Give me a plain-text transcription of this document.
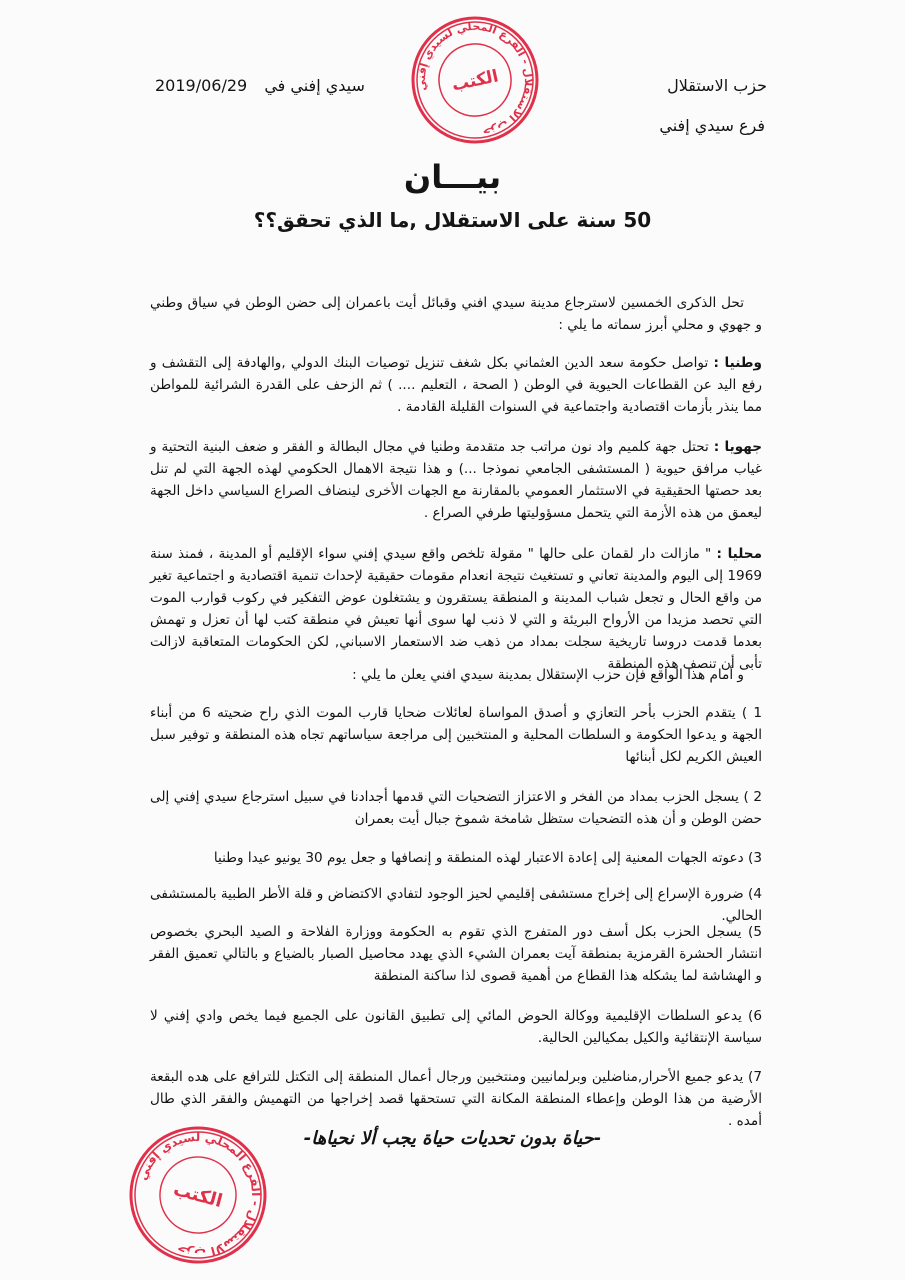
حزب الاستقلال
فرع سيدي إفني
2019/06/29 سيدي إفني في	حزب الاستقلال - الفرع المحلي لسيدي إفني
الكتب
بيـــان
50 سنة على الاستقلال ,ما الذي تحقق؟؟
تحل الذكرى الخمسين لاسترجاع مدينة سيدي افني وقبائل أيت باعمران إلى حضن الوطن في سياق وطني و جهوي و محلي أبرز سماته ما يلي :
وطنيا : تواصل حكومة سعد الدين العثماني بكل شغف تنزيل توصيات البنك الدولي ,والهادفة إلى التقشف و رفع اليد عن القطاعات الحيوية في الوطن ( الصحة ، التعليم .... ) ثم الزحف على القدرة الشرائية للمواطن مما ينذر بأزمات اقتصادية واجتماعية في السنوات القليلة القادمة .
جهويا : تحتل جهة كلميم واد نون مراتب جد متقدمة وطنيا في مجال البطالة و الفقر و ضعف البنية التحتية و غياب مرافق حيوية ( المستشفى الجامعي نموذجا ...) و هذا نتيجة الاهمال الحكومي لهذه الجهة التي لم تنل بعد حصتها الحقيقية في الاستثمار العمومي بالمقارنة مع الجهات الأخرى لينضاف الصراع السياسي داخل الجهة ليعمق من هذه الأزمة التي يتحمل مسؤوليتها طرفي الصراع .
محليا : " مازالت دار لقمان على حالها " مقولة تلخص واقع سيدي إفني سواء الإقليم أو المدينة ، فمنذ سنة 1969 إلى اليوم والمدينة تعاني و تستغيث نتيجة انعدام مقومات حقيقية لإحداث تنمية اقتصادية و اجتماعية تغير من واقع الحال و تجعل شباب المدينة و المنطقة يستقرون و يشتغلون عوض التفكير في ركوب قوارب الموت التي تحصد مزيدا من الأرواح البريئة و التي لا ذنب لها سوى أنها تعيش في منطقة كتب لها أن تعزل و تهمش بعدما قدمت دروسا تاريخية سجلت بمداد من ذهب ضد الاستعمار الاسباني, لكن الحكومات المتعاقبة لازالت تأبى أن تنصف هذه المنطقة
و أمام هذا الواقع فإن حزب الإستقلال بمدينة سيدي افني يعلن ما يلي :
1 ) يتقدم الحزب بأحر التعازي و أصدق المواساة لعائلات ضحايا قارب الموت الذي راح ضحيته 6 من أبناء الجهة و يدعوا الحكومة و السلطات المحلية و المنتخبين إلى مراجعة سياساتهم تجاه هذه المنطقة و توفير سبل العيش الكريم لكل أبنائها
2 ) يسجل الحزب بمداد من الفخر و الاعتزاز التضحيات التي قدمها أجدادنا في سبيل استرجاع سيدي إفني إلى حضن الوطن و أن هذه التضحيات ستظل شامخة شموخ جبال أيت بعمران
3) دعوته الجهات المعنية إلى إعادة الاعتبار لهذه المنطقة و إنصافها و جعل يوم 30 يونيو عيدا وطنيا
4) ضرورة الإسراع إلى إخراج مستشفى إقليمي لحيز الوجود لتفادي الاكتضاض و قلة الأطر الطبية بالمستشفى الحالي.
5) يسجل الحزب بكل أسف دور المتفرج الذي تقوم به الحكومة ووزارة الفلاحة و الصيد البحري بخصوص انتشار الحشرة القرمزية بمنطقة آيت بعمران الشيء الذي يهدد محاصيل الصبار بالضياع و بالتالي تعميق الفقر و الهشاشة لما يشكله هذا القطاع من أهمية قصوى لذا ساكنة المنطقة
6) يدعو السلطات الإقليمية ووكالة الحوض المائي إلى تطبيق القانون على الجميع فيما يخص وادي إفني لا سياسة الإنتقائية والكيل بمكيالين الحالية.
7) يدعو جميع الأحرار,مناضلين وبرلمانيين ومنتخبين ورجال أعمال المنطقة إلى التكتل للترافع على هده البقعة الأرضية من هذا الوطن وإعطاء المنطقة المكانة التي تستحقها قصد إخراجها من التهميش والفقر الذي طال أمده .
-حياة بدون تحديات حياة يجب ألا نحياها-
حزب الاستقلال - الفرع المحلي لسيدي إفني
الكتب
